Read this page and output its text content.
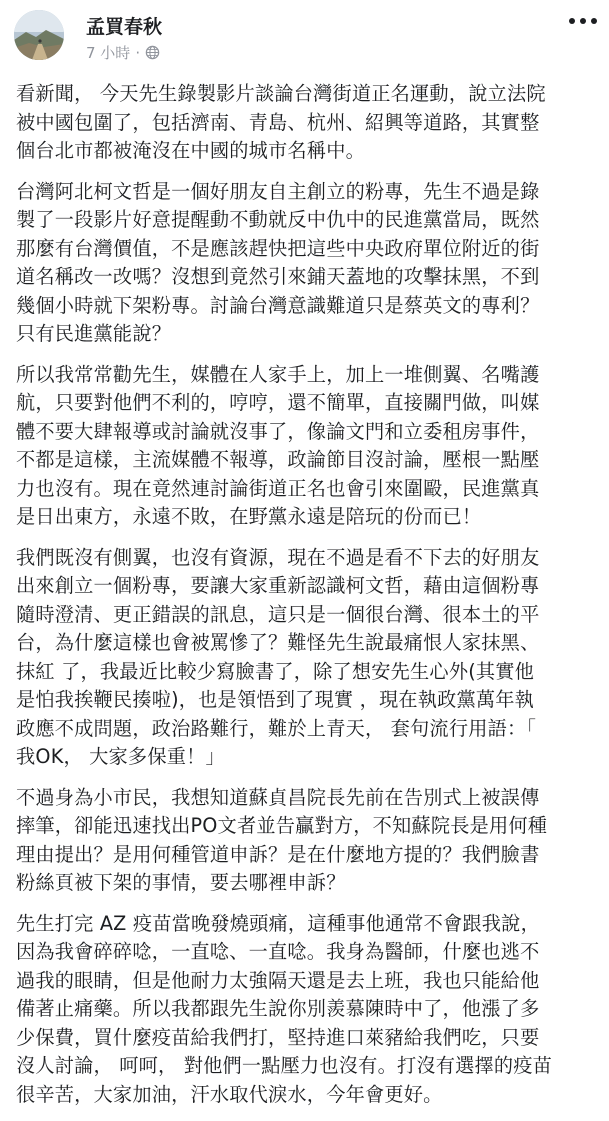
孟買春秋
7 小時 ·

看新聞， 今天先生錄製影片談論台灣街道正名運動，說立法院
被中國包圍了，包括濟南、青島、杭州、紹興等道路，其實整
個台北市都被淹沒在中國的城市名稱中。

台灣阿北柯文哲是一個好朋友自主創立的粉專，先生不過是錄
製了一段影片好意提醒動不動就反中仇中的民進黨當局，既然
那麼有台灣價值，不是應該趕快把這些中央政府單位附近的街
道名稱改一改嗎？沒想到竟然引來鋪天蓋地的攻擊抹黑，不到
幾個小時就下架粉專。討論台灣意識難道只是蔡英文的專利？
只有民進黨能說？

所以我常常勸先生，媒體在人家手上，加上一堆側翼、名嘴護
航，只要對他們不利的，哼哼，還不簡單，直接關門做，叫媒
體不要大肆報導或討論就沒事了，像論文門和立委租房事件，
不都是這樣，主流媒體不報導，政論節目沒討論，壓根一點壓
力也沒有。現在竟然連討論街道正名也會引來圍毆，民進黨真
是日出東方，永遠不敗，在野黨永遠是陪玩的份而已！

我們既沒有側翼，也沒有資源，現在不過是看不下去的好朋友
出來創立一個粉專，要讓大家重新認識柯文哲，藉由這個粉專
隨時澄清、更正錯誤的訊息，這只是一個很台灣、很本土的平
台，為什麼這樣也會被罵慘了？難怪先生說最痛恨人家抹黑、
抹紅 了，我最近比較少寫臉書了，除了想安先生心外(其實他
是怕我挨鞭民揍啦)，也是領悟到了現實 ，現在執政黨萬年執
政應不成問題，政治路難行，難於上青天， 套句流行用語：「
我OK， 大家多保重！」

不過身為小市民，我想知道蘇貞昌院長先前在告別式上被誤傳
摔筆，卻能迅速找出PO文者並告贏對方，不知蘇院長是用何種
理由提出？是用何種管道申訴？是在什麼地方提的？我們臉書
粉絲頁被下架的事情，要去哪裡申訴？

先生打完 AZ 疫苗當晚發燒頭痛，這種事他通常不會跟我說，
因為我會碎碎唸，一直唸、一直唸。我身為醫師，什麼也逃不
過我的眼睛，但是他耐力太強隔天還是去上班，我也只能給他
備著止痛藥。所以我都跟先生說你別羨慕陳時中了，他漲了多
少保費，買什麼疫苗給我們打，堅持進口萊豬給我們吃，只要
沒人討論， 呵呵， 對他們一點壓力也沒有。打沒有選擇的疫苗
很辛苦，大家加油，汗水取代淚水，今年會更好。
